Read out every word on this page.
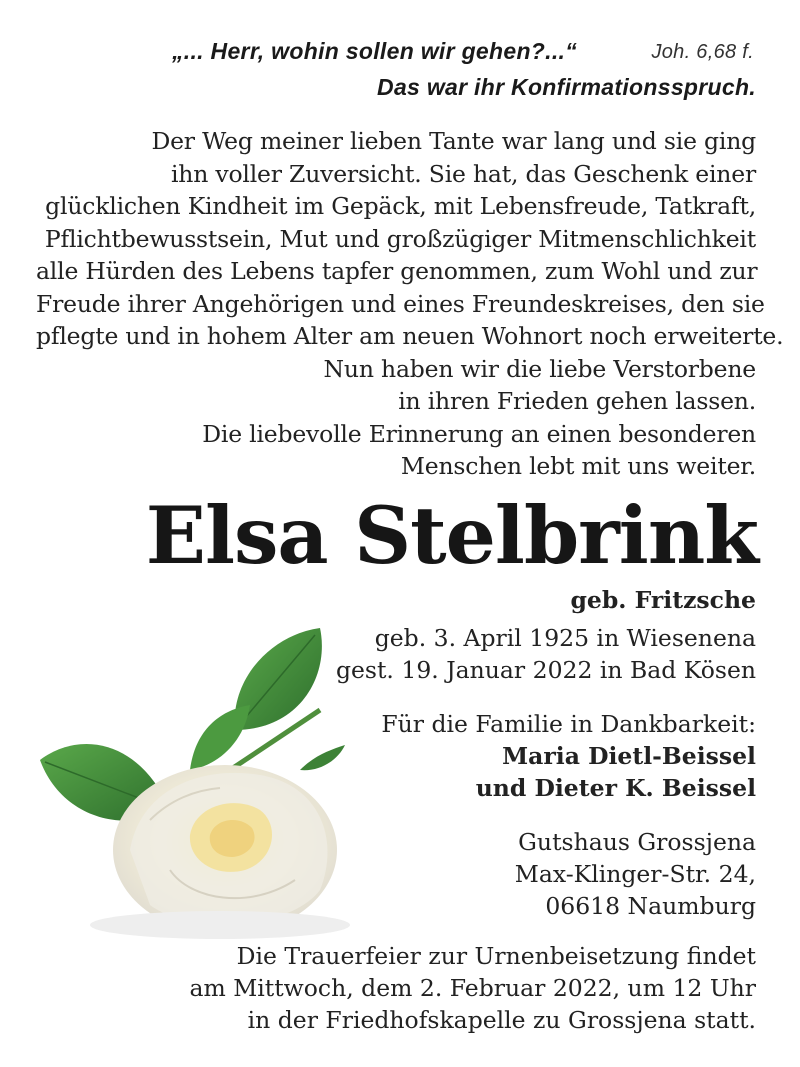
„... Herr, wohin sollen wir gehen?...“	Joh. 6,68 f.
Das war ihr Konfirmationsspruch.
Der Weg meiner lieben Tante war lang und sie ging
ihn voller Zuversicht. Sie hat, das Geschenk einer
glücklichen Kindheit im Gepäck, mit Lebensfreude, Tatkraft,
Pflichtbewusstsein, Mut und großzügiger Mitmenschlichkeit
alle Hürden des Lebens tapfer genommen, zum Wohl und zur
Freude ihrer Angehörigen und eines Freundeskreises, den sie
pflegte und in hohem Alter am neuen Wohnort noch erweiterte.
Nun haben wir die liebe Verstorbene
in ihren Frieden gehen lassen.
Die liebevolle Erinnerung an einen besonderen
Menschen lebt mit uns weiter.
Elsa Stelbrink
geb. Fritzsche
geb. 3. April 1925 in Wiesenena
gest. 19. Januar 2022 in Bad Kösen
Für die Familie in Dankbarkeit:
Maria Dietl-Beissel
und Dieter K. Beissel
Gutshaus Grossjena
Max-Klinger-Str. 24,
06618 Naumburg
Die Trauerfeier zur Urnenbeisetzung findet
am Mittwoch, dem 2. Februar 2022, um 12 Uhr
in der Friedhofskapelle zu Grossjena statt.
